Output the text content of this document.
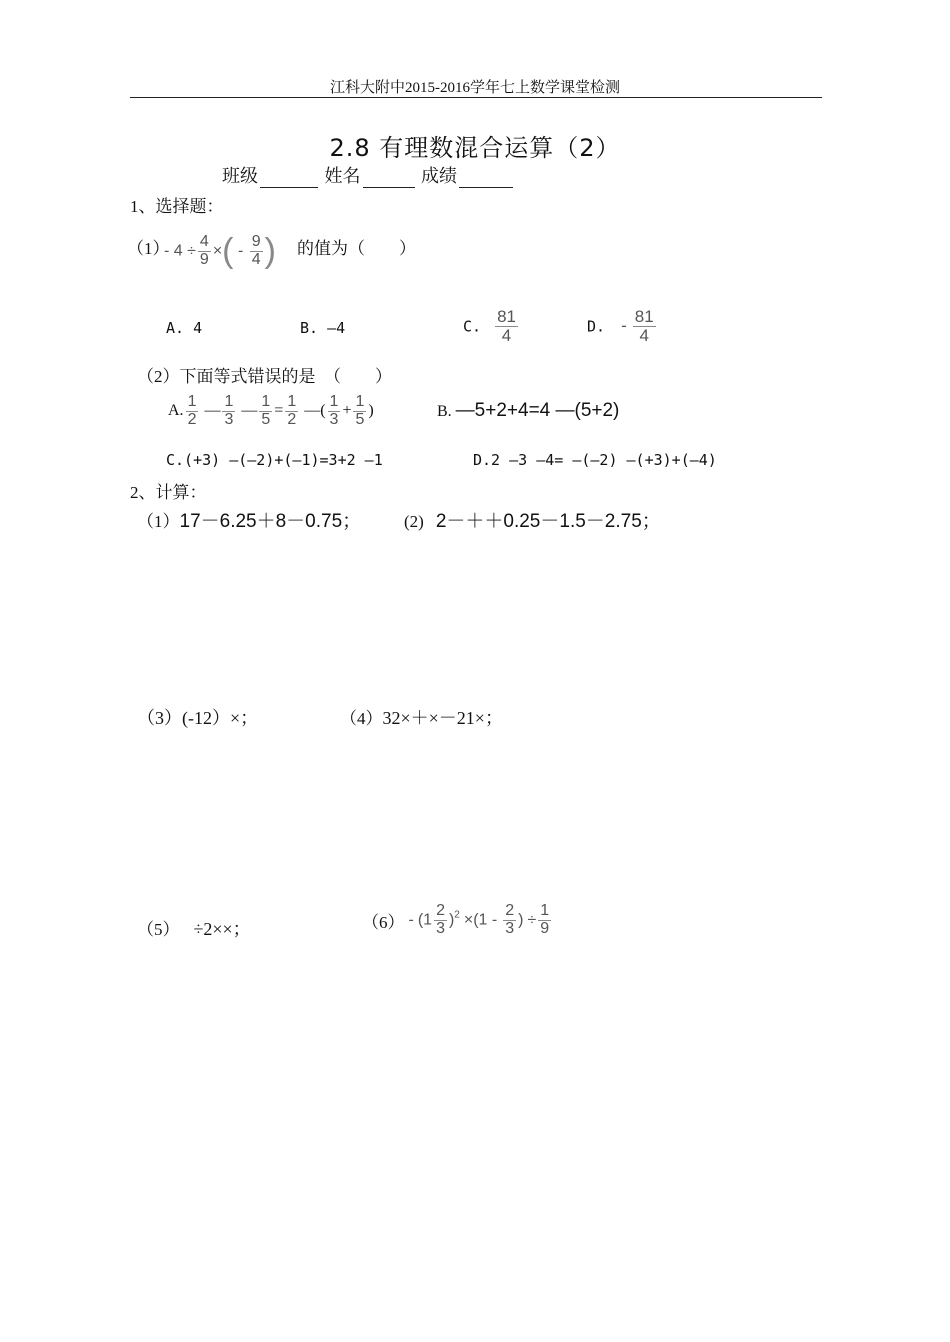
江科大附中2015-2016学年七上数学课堂检测
2.8 有理数混合运算（2）
班级	姓名	成绩
1、选择题：
（1）
- $4 \div \frac{4}{9}$ ×( - $\frac{9}{4}$ ) 的值为（　　）
A. 4	B. —4	C. $\frac{81}{4}$	D. - $\frac{81}{4}$
（2）下面等式错误的是　（　　）
A. $\frac{1}{2}$ — $\frac{1}{3}$ — $\frac{1}{5} = \frac{1}{2}$ —( $\frac{1}{3} + \frac{1}{5}$ )	B. —5+2+4=4 —(5+2)
C.(+3) —(—2)+(—1)=3+2 —1	D.2 —3 —4= —(—2) —(+3)+(—4)
2、计算：
（1）17－6.25＋8－0.75；	(2) 2－＋＋0.25－1.5－2.75；
（3）(-12）×；	（4）32×＋×－21×；
（5） ÷2××；	$(6) - (1 \frac{2}{3} )^2 \times(1 - \frac{2}{3}$ ) ÷ $\frac{1}{9}$
